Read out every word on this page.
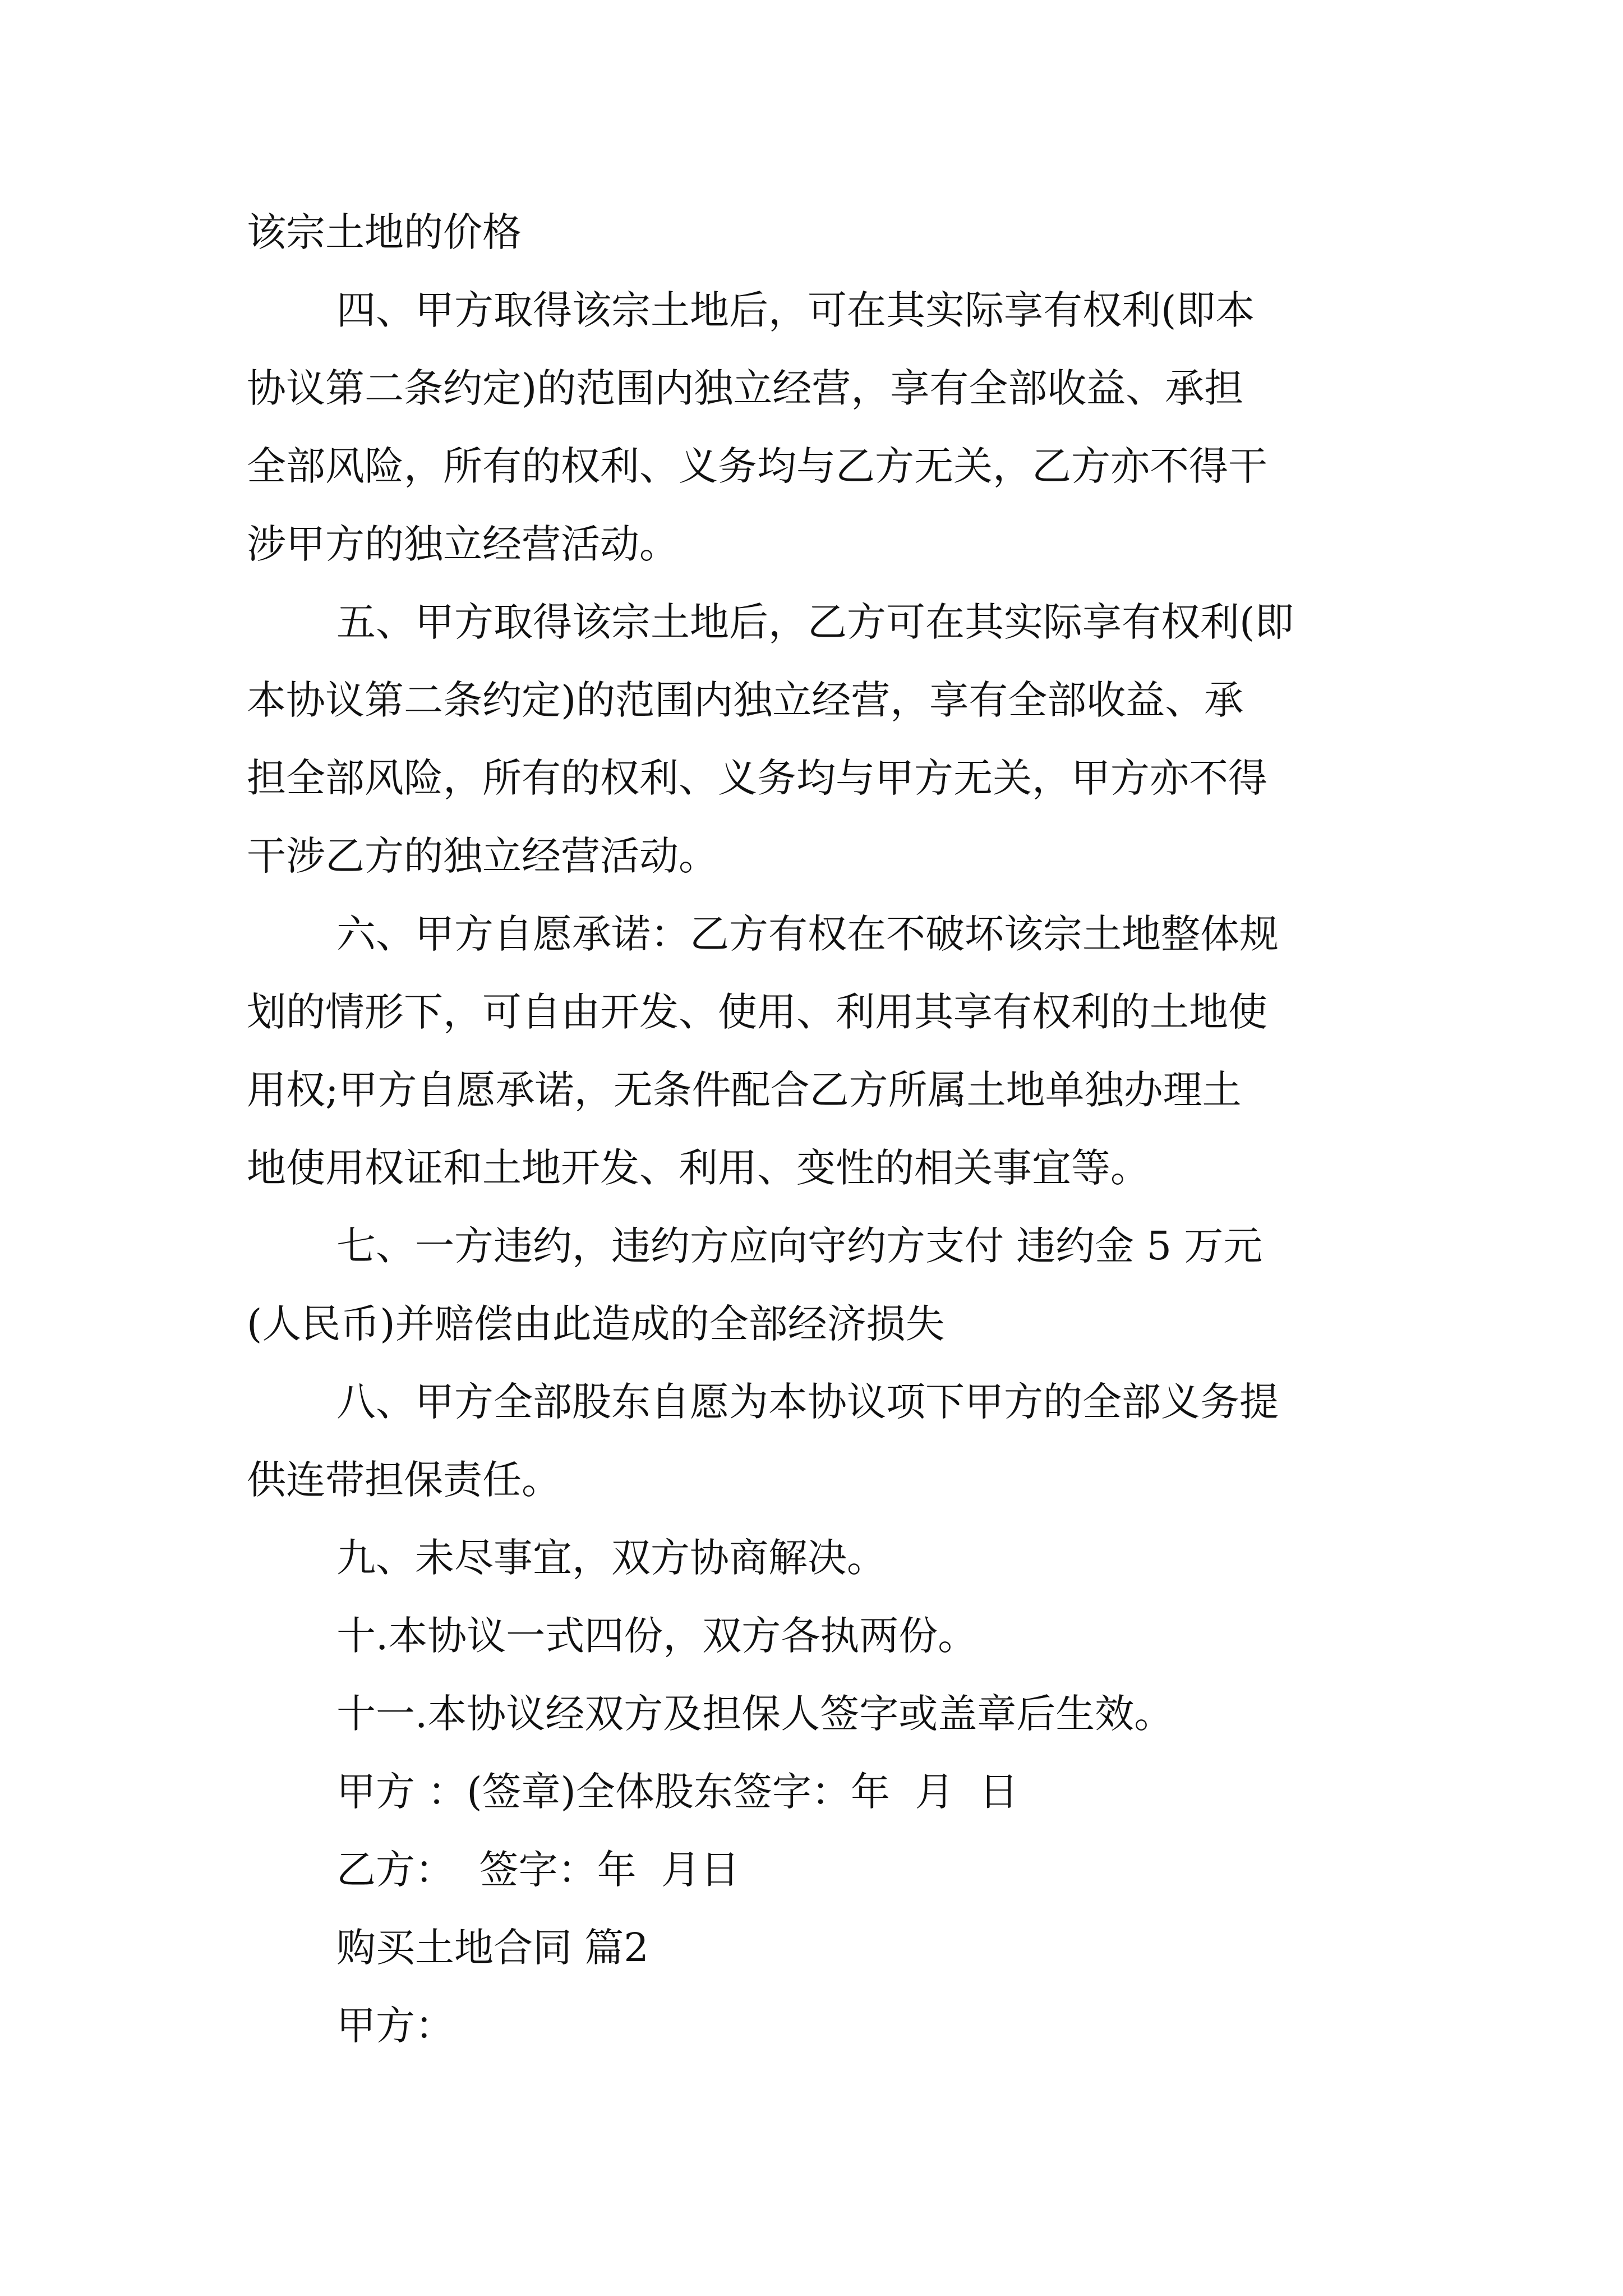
该宗土地的价格

四、甲方取得该宗土地后，可在其实际享有权利(即本

协议第二条约定)的范围内独立经营，享有全部收益、承担

全部风险，所有的权利、义务均与乙方无关，乙方亦不得干

涉甲方的独立经营活动。

五、甲方取得该宗土地后，乙方可在其实际享有权利(即

本协议第二条约定)的范围内独立经营，享有全部收益、承

担全部风险，所有的权利、义务均与甲方无关，甲方亦不得

干涉乙方的独立经营活动。

六、甲方自愿承诺：乙方有权在不破坏该宗土地整体规

划的情形下，可自由开发、使用、利用其享有权利的土地使

用权;甲方自愿承诺，无条件配合乙方所属土地单独办理土

地使用权证和土地开发、利用、变性的相关事宜等。

七、一方违约，违约方应向守约方支付 违约金 5 万元

(人民币)并赔偿由此造成的全部经济损失

八、甲方全部股东自愿为本协议项下甲方的全部义务提

供连带担保责任。

九、未尽事宜，双方协商解决。

十.本协议一式四份，双方各执两份。

十一.本协议经双方及担保人签字或盖章后生效。

甲方 ：(签章)全体股东签字：年  月  日

乙方：  签字：年  月日

购买土地合同 篇2

甲方：
